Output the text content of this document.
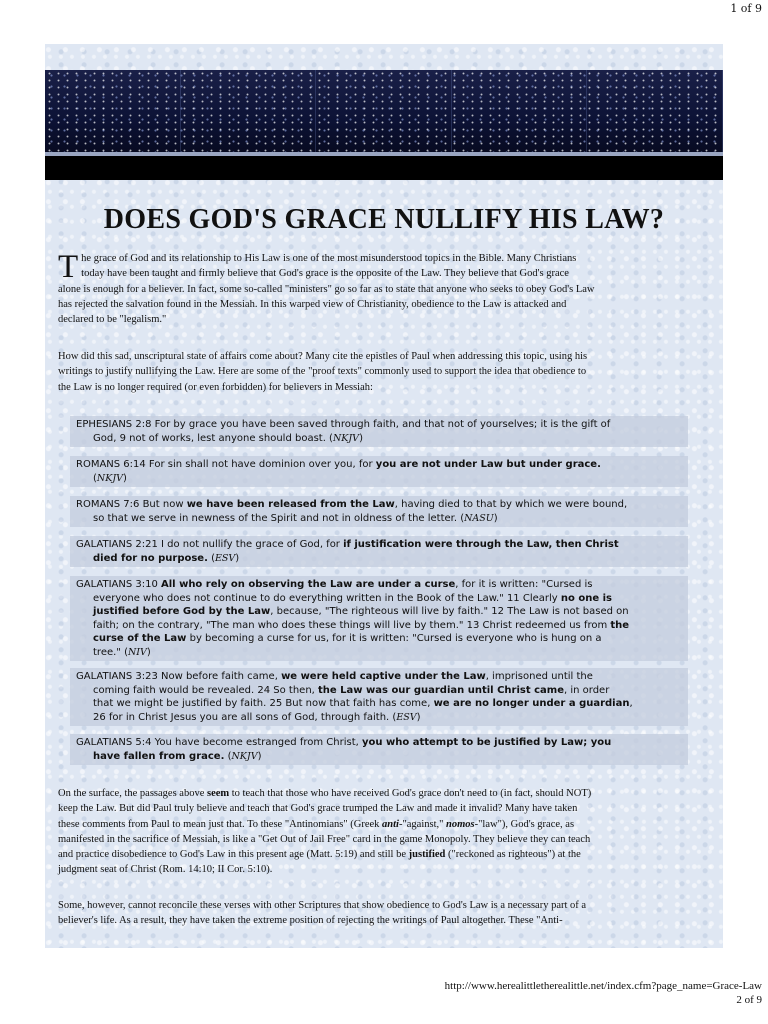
1 of 9
DOES GOD'S GRACE NULLIFY HIS LAW?
T he grace of God and its relationship to His Law is one of the most misunderstood topics in the Bible. Many Christians
today have been taught and firmly believe that God's grace is the opposite of the Law. They believe that God's grace
alone is enough for a believer. In fact, some so-called "ministers" go so far as to state that anyone who seeks to obey God's Law
has rejected the salvation found in the Messiah. In this warped view of Christianity, obedience to the Law is attacked and
declared to be "legalism."
How did this sad, unscriptural state of affairs come about? Many cite the epistles of Paul when addressing this topic, using his
writings to justify nullifying the Law. Here are some of the "proof texts" commonly used to support the idea that obedience to
the Law is no longer required (or even forbidden) for believers in Messiah:
EPHESIANS 2:8 For by grace you have been saved through faith, and that not of yourselves; it is the gift of
God, 9 not of works, lest anyone should boast. (NKJV)
ROMANS 6:14 For sin shall not have dominion over you, for you are not under Law but under grace.
(NKJV)
ROMANS 7:6 But now we have been released from the Law, having died to that by which we were bound,
so that we serve in newness of the Spirit and not in oldness of the letter. (NASU)
GALATIANS 2:21 I do not nullify the grace of God, for if justification were through the Law, then Christ
died for no purpose. (ESV)
GALATIANS 3:10 All who rely on observing the Law are under a curse, for it is written: "Cursed is
everyone who does not continue to do everything written in the Book of the Law." 11 Clearly no one is
justified before God by the Law, because, "The righteous will live by faith." 12 The Law is not based on
faith; on the contrary, "The man who does these things will live by them." 13 Christ redeemed us from the
curse of the Law by becoming a curse for us, for it is written: "Cursed is everyone who is hung on a
tree." (NIV)
GALATIANS 3:23 Now before faith came, we were held captive under the Law, imprisoned until the
coming faith would be revealed. 24 So then, the Law was our guardian until Christ came, in order
that we might be justified by faith. 25 But now that faith has come, we are no longer under a guardian,
26 for in Christ Jesus you are all sons of God, through faith. (ESV)
GALATIANS 5:4 You have become estranged from Christ, you who attempt to be justified by Law; you
have fallen from grace. (NKJV)
On the surface, the passages above seem to teach that those who have received God's grace don't need to (in fact, should NOT)
keep the Law. But did Paul truly believe and teach that God's grace trumped the Law and made it invalid? Many have taken
these comments from Paul to mean just that. To these "Antinomians" (Greek anti-"against," nomos-"law"), God's grace, as
manifested in the sacrifice of Messiah, is like a "Get Out of Jail Free" card in the game Monopoly. They believe they can teach
and practice disobedience to God's Law in this present age (Matt. 5:19) and still be justified ("reckoned as righteous") at the
judgment seat of Christ (Rom. 14:10; II Cor. 5:10).
Some, however, cannot reconcile these verses with other Scriptures that show obedience to God's Law is a necessary part of a
believer's life. As a result, they have taken the extreme position of rejecting the writings of Paul altogether. These "Anti-
http://www.herealittletherealittle.net/index.cfm?page_name=Grace-Law
2 of 9
